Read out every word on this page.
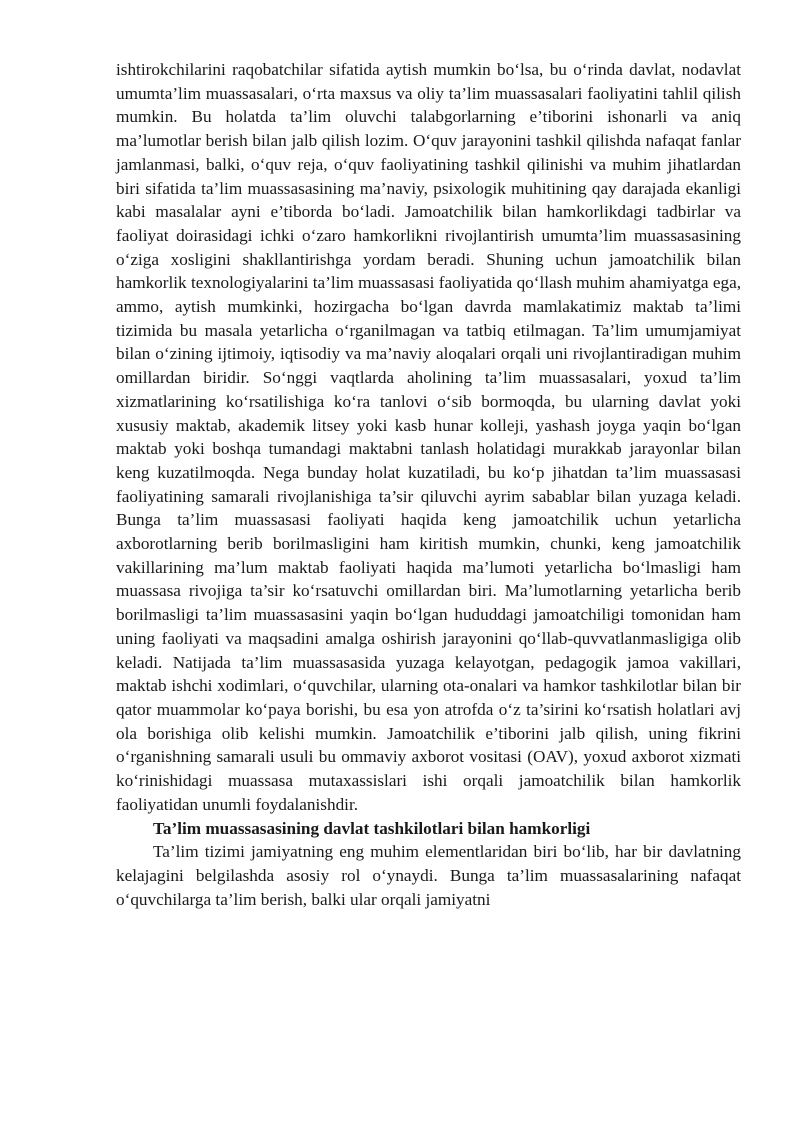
ishtirokchilarini raqobatchilar sifatida aytish mumkin bo‘lsa, bu o‘rinda davlat, nodavlat umumta’lim muassasalari, o‘rta maxsus va oliy ta’lim muassasalari faoliyatini tahlil qilish mumkin. Bu holatda ta’lim oluvchi talabgorlarning e’tiborini ishonarli va aniq ma’lumotlar berish bilan jalb qilish lozim. O‘quv jarayonini tashkil qilishda nafaqat fanlar jamlanmasi, balki, o‘quv reja, o‘quv faoliyatining tashkil qilinishi va muhim jihatlardan biri sifatida ta’lim muassasasining ma’naviy, psixologik muhitining qay darajada ekanligi kabi masalalar ayni e’tiborda bo‘ladi. Jamoatchilik bilan hamkorlikdagi tadbirlar va faoliyat doirasidagi ichki o‘zaro hamkorlikni rivojlantirish umumta’lim muassasasining o‘ziga xosligini shakllantirishga yordam beradi. Shuning uchun jamoatchilik bilan hamkorlik texnologiyalarini ta’lim muassasasi faoliyatida qo‘llash muhim ahamiyatga ega, ammo, aytish mumkinki, hozirgacha bo‘lgan davrda mamlakatimiz maktab ta’limi tizimida bu masala yetarlicha o‘rganilmagan va tatbiq etilmagan. Ta’lim umumjamiyat bilan o‘zining ijtimoiy, iqtisodiy va ma’naviy aloqalari orqali uni rivojlantiradigan muhim omillardan biridir. So‘nggi vaqtlarda aholining ta’lim muassasalari, yoxud ta’lim xizmatlarining ko‘rsatilishiga ko‘ra tanlovi o‘sib bormoqda, bu ularning davlat yoki xususiy maktab, akademik litsey yoki kasb hunar kolleji, yashash joyga yaqin bo‘lgan maktab yoki boshqa tumandagi maktabni tanlash holatidagi murakkab jarayonlar bilan keng kuzatilmoqda. Nega bunday holat kuzatiladi, bu ko‘p jihatdan ta’lim muassasasi faoliyatining samarali rivojlanishiga ta’sir qiluvchi ayrim sabablar bilan yuzaga keladi. Bunga ta’lim muassasasi faoliyati haqida keng jamoatchilik uchun yetarlicha axborotlarning berib borilmasligini ham kiritish mumkin, chunki, keng jamoatchilik vakillarining ma’lum maktab faoliyati haqida ma’lumoti yetarlicha bo‘lmasligi ham muassasa rivojiga ta’sir ko‘rsatuvchi omillardan biri. Ma’lumotlarning yetarlicha berib borilmasligi ta’lim muassasasini yaqin bo‘lgan hududdagi jamoatchiligi tomonidan ham uning faoliyati va maqsadini amalga oshirish jarayonini qo‘llab-quvvatlanmasligiga olib keladi. Natijada ta’lim muassasasida yuzaga kelayotgan, pedagogik jamoa vakillari, maktab ishchi xodimlari, o‘quvchilar, ularning ota-onalari va hamkor tashkilotlar bilan bir qator muammolar ko‘paya borishi, bu esa yon atrofda o‘z ta’sirini ko‘rsatish holatlari avj ola borishiga olib kelishi mumkin. Jamoatchilik e’tiborini jalb qilish, uning fikrini o‘rganishning samarali usuli bu ommaviy axborot vositasi (OAV), yoxud axborot xizmati ko‘rinishidagi muassasa mutaxassislari ishi orqali jamoatchilik bilan hamkorlik faoliyatidan unumli foydalanishdir.

Ta’lim muassasasining davlat tashkilotlari bilan hamkorligi

Ta’lim tizimi jamiyatning eng muhim elementlaridan biri bo‘lib, har bir davlatning kelajagini belgilashda asosiy rol o‘ynaydi. Bunga ta’lim muassasalarining nafaqat o‘quvchilarga ta’lim berish, balki ular orqali jamiyatni
